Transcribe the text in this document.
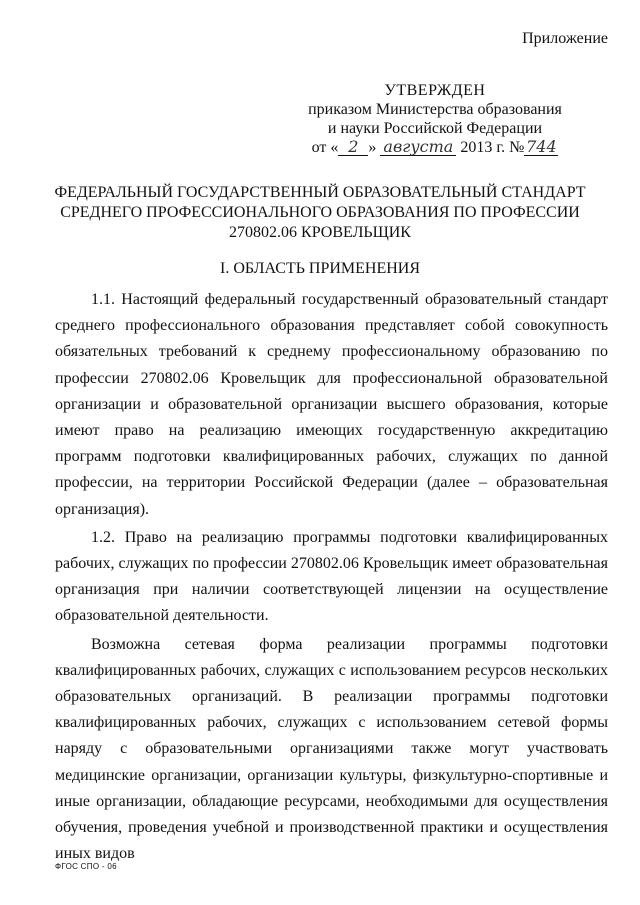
Приложение
УТВЕРЖДЕН
приказом Министерства образования
и науки Российской Федерации
от « 2 » августа 2013 г. № 744
ФЕДЕРАЛЬНЫЙ ГОСУДАРСТВЕННЫЙ ОБРАЗОВАТЕЛЬНЫЙ СТАНДАРТ
СРЕДНЕГО ПРОФЕССИОНАЛЬНОГО ОБРАЗОВАНИЯ ПО ПРОФЕССИИ
270802.06 КРОВЕЛЬЩИК
I. ОБЛАСТЬ ПРИМЕНЕНИЯ

1.1. Настоящий федеральный государственный образовательный стандарт среднего профессионального образования представляет собой совокупность обязательных требований к среднему профессиональному образованию по профессии 270802.06 Кровельщик для профессиональной образовательной организации и образовательной организации высшего образования, которые имеют право на реализацию имеющих государственную аккредитацию программ подготовки квалифицированных рабочих, служащих по данной профессии, на территории Российской Федерации (далее – образовательная организация).

1.2. Право на реализацию программы подготовки квалифицированных рабочих, служащих по профессии 270802.06 Кровельщик имеет образовательная организация при наличии соответствующей лицензии на осуществление образовательной деятельности.

Возможна сетевая форма реализации программы подготовки квалифицированных рабочих, служащих с использованием ресурсов нескольких образовательных организаций. В реализации программы подготовки квалифицированных рабочих, служащих с использованием сетевой формы наряду с образовательными организациями также могут участвовать медицинские организации, организации культуры, физкультурно-спортивные и иные организации, обладающие ресурсами, необходимыми для осуществления обучения, проведения учебной и производственной практики и осуществления иных видов

ФГОС СПО - 06
